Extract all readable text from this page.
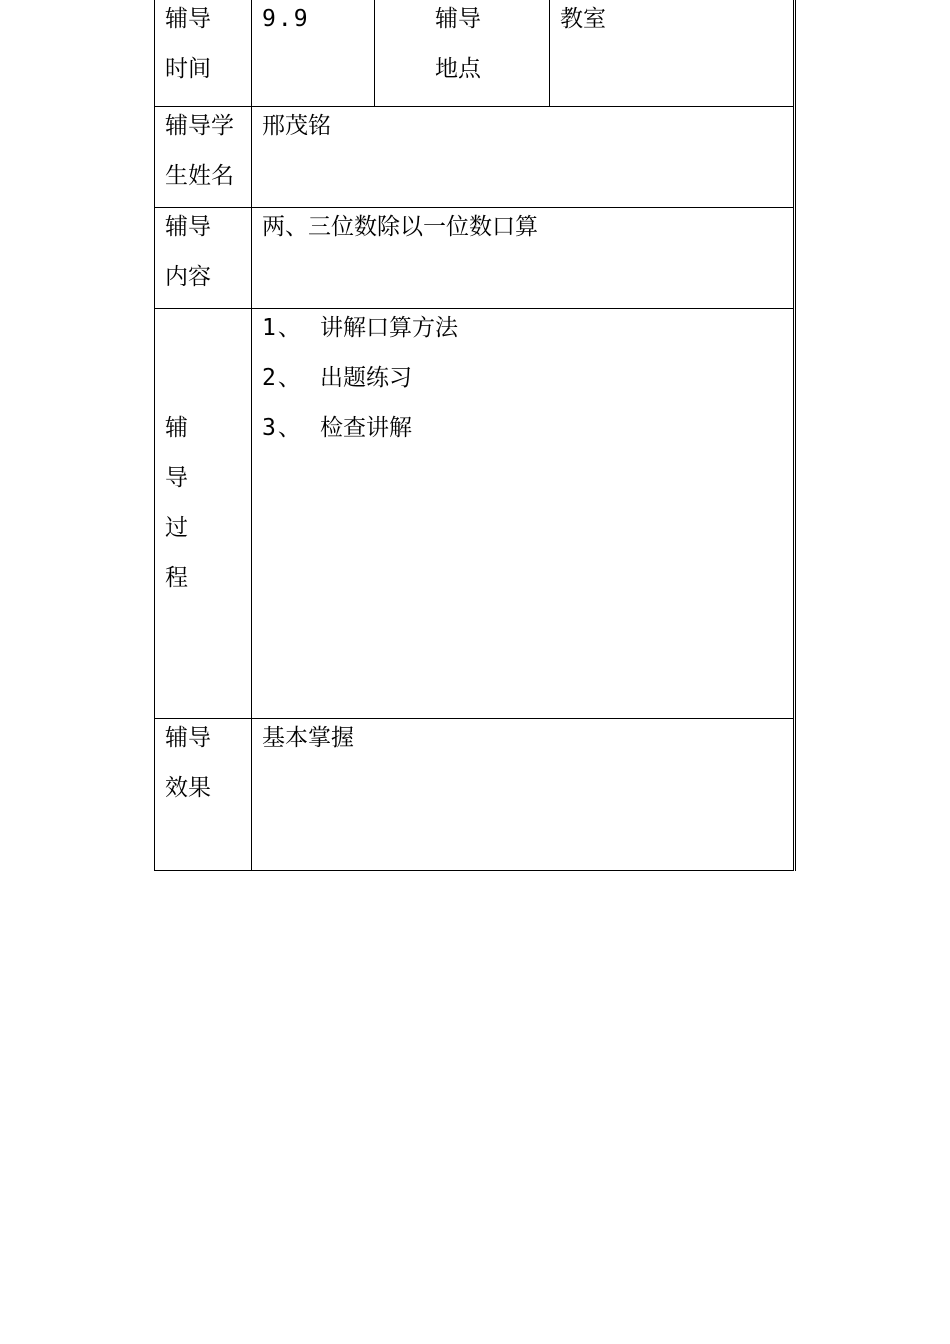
辅导
时间	9.9	辅导
地点	教室

辅导学
生姓名	邢茂铭		

辅导
内容	两、三位数除以一位数口算		

辅
导
过
程	1、 讲解口算方法
2、 出题练习
3、 检查讲解		

辅导
效果	基本掌握		
